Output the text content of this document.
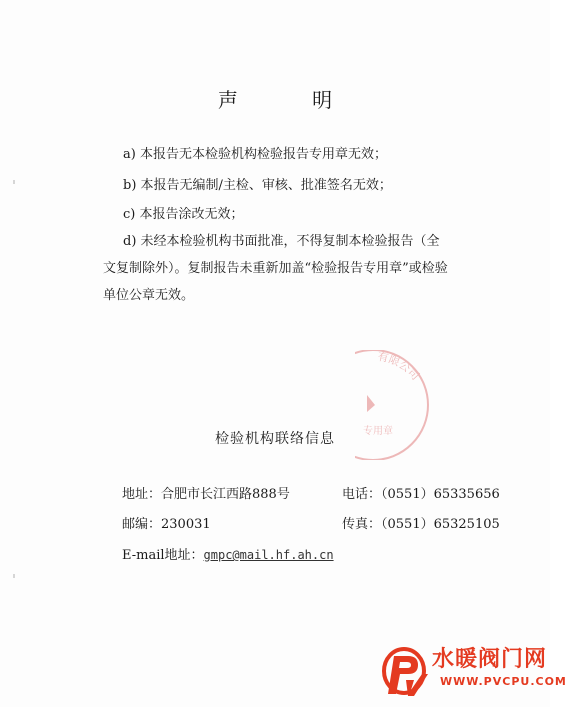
声 明
a) 本报告无本检验机构检验报告专用章无效；
b) 本报告无编制/主检、审核、批准签名无效；
c) 本报告涂改无效；
d) 未经本检验机构书面批准，不得复制本检验报告（全文复制除外）。复制报告未重新加盖“检验报告专用章”或检验单位公章无效。
有限公司
专用章
检验机构联络信息
地址：合肥市长江西路888号	电话：（0551）65335656
邮编：230031	传真：（0551）65325105
E-mail地址：gmpc@mail.hf.ah.cn
水暖阀门网
WWW.PVCPU.COM
